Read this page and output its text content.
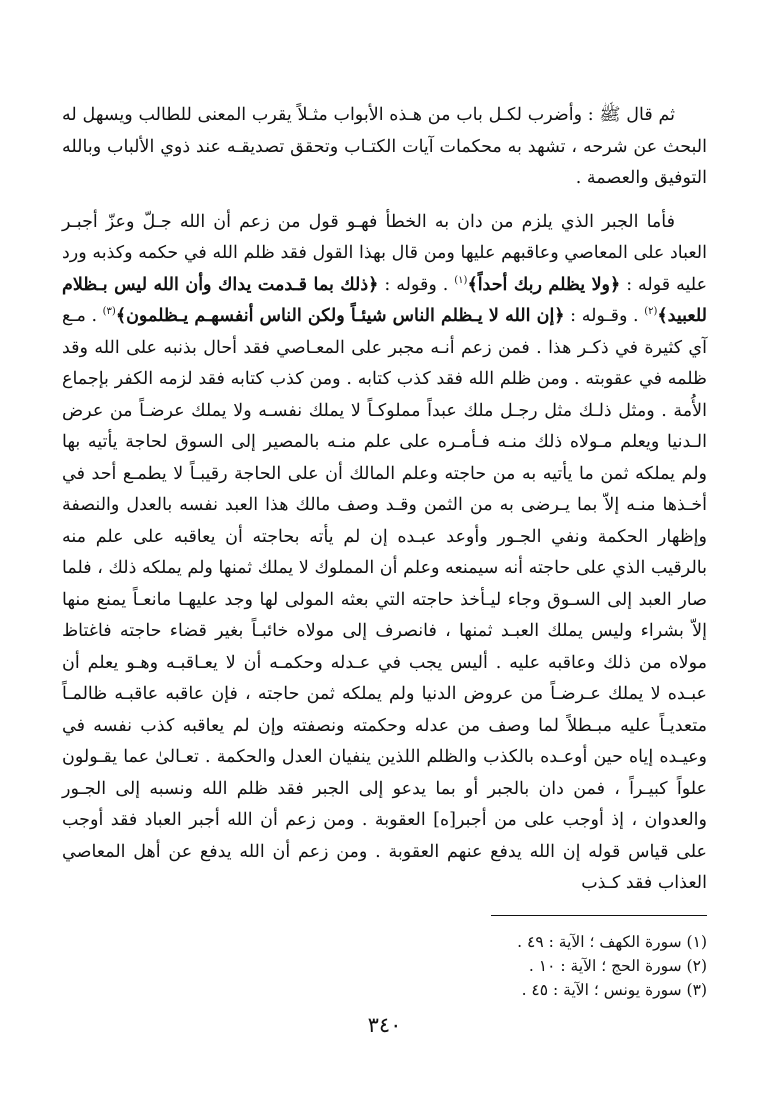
ثم قال ﷺ : وأضرب لكـل باب من هـذه الأبواب مثـلاً يقرب المعنى للطالب ويسهل له البحث عن شرحه ، تشهد به محكمات آيات الكتـاب وتحقق تصديقـه عند ذوي الألباب وبالله التوفيق والعصمة .

فأما الجبر الذي يلزم من دان به الخطأ فهـو قول من زعم أن الله جـلّ وعزّ أجبـر العباد على المعاصي وعاقبهم عليها ومن قال بهذا القول فقد ظلم الله في حكمه وكذبه ورد عليه قوله : ﴿ولا يظلم ربك أحداً﴾$^{(١)}$ . وقوله : ﴿ذلك بما قـدمت يداك وأن الله ليس بـظلام للعبيد﴾$^{(٢)}$ . وقـوله : ﴿إن الله لا يـظلم الناس شيئـاً ولكن الناس أنفسهـم يـظلمون﴾$^{(٣)}$ . مـع آي كثيرة في ذكـر هذا . فمن زعم أنـه مجبر على المعـاصي فقد أحال بذنبه على الله وقد ظلمه في عقوبته . ومن ظلم الله فقد كذب كتابه . ومن كذب كتابه فقد لزمه الكفر بإجماع الأُمة . ومثل ذلـك مثل رجـل ملك عبداً مملوكـاً لا يملك نفسـه ولا يملك عرضـاً من عرض الـدنيا ويعلم مـولاه ذلك منـه فـأمـره على علم منـه بالمصير إلى السوق لحاجة يأتيه بها ولم يملكه ثمن ما يأتيه به من حاجته وعلم المالك أن على الحاجة رقيبـاً لا يطمـع أحد في أخـذها منـه إلاّ بما يـرضى به من الثمن وقـد وصف مالك هذا العبد نفسه بالعدل والنصفة وإظهار الحكمة ونفي الجـور وأوعد عبـده إن لم يأته بحاجته أن يعاقبه على علم منه بالرقيب الذي على حاجته أنه سيمنعه وعلم أن المملوك لا يملك ثمنها ولم يملكه ذلك ، فلما صار العبد إلى السـوق وجاء ليـأخذ حاجته التي بعثه المولى لها وجد عليهـا مانعـاً يمنع منها إلاّ بشراء وليس يملك العبـد ثمنها ، فانصرف إلى مولاه خائبـاً بغير قضاء حاجته فاغتاظ مولاه من ذلك وعاقبه عليه . أليس يجب في عـدله وحكمـه أن لا يعـاقبـه وهـو يعلم أن عبـده لا يملك عـرضـاً من عروض الدنيا ولم يملكه ثمن حاجته ، فإن عاقبه عاقبـه ظالمـاً متعديـاً عليه مبـطلاً لما وصف من عدله وحكمته ونصفته وإن لم يعاقبه كذب نفسه في وعيـده إياه حين أوعـده بالكذب والظلم اللذين ينفيان العدل والحكمة . تعـالىٰ عما يقـولون علواً كبيـراً ، فمن دان بالجبر أو بما يدعو إلى الجبر فقد ظلم الله ونسبه إلى الجـور والعدوان ، إذ أوجب على من أجبر[ه] العقوبة . ومن زعم أن الله أجبر العباد فقد أوجب على قياس قوله إن الله يدفع عنهم العقوبة . ومن زعم أن الله يدفع عن أهل المعاصي العذاب فقد كـذب

(١) سورة الكهف ؛ الآية : ٤٩ .
(٢) سورة الحج ؛ الآية : ١٠ .
(٣) سورة يونس ؛ الآية : ٤٥ .
٣٤٠
